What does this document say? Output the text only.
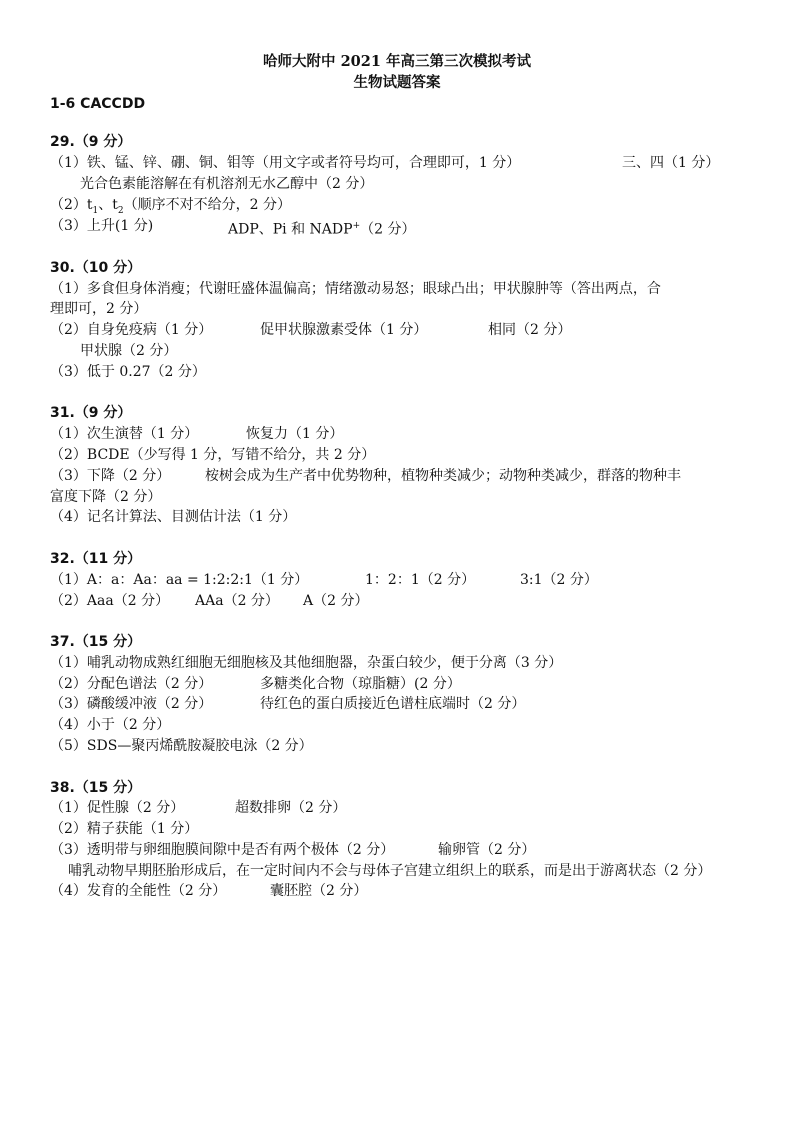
哈师大附中 2021 年高三第三次模拟考试
生物试题答案
1-6 CACCDD
29.（9 分）
（1）铁、锰、锌、硼、铜、钼等（用文字或者符号均可，合理即可，1 分）	三、四（1 分）
光合色素能溶解在有机溶剂无水乙醇中（2 分）
$(2)t_1$、$t_2$（顺序不对不给分，2 分）
（3）上升(1 分)	ADP、Pi 和 NADP+（2 分）
30.（10 分）
（1）多食但身体消瘦；代谢旺盛体温偏高；情绪激动易怒；眼球凸出；甲状腺肿等（答出两点，合
理即可，2 分）
（2）自身免疫病（1 分）	促甲状腺激素受体（1 分）	相同（2 分）
甲状腺（2 分）
（3）低于 0.27（2 分）
31.（9 分）
（1）次生演替（1 分）	恢复力（1 分）
（2）BCDE（少写得 1 分，写错不给分，共 2 分）
（3）下降（2 分） 桉树会成为生产者中优势物种，植物种类减少；动物种类减少，群落的物种丰
富度下降（2 分）
（4）记名计算法、目测估计法（1 分）
32.（11 分）
（1）A：a：Aa：aa = 1:2:2:1（1 分）	1：2：1（2 分）	3:1（2 分）
（2）Aaa（2 分） AAa（2 分） A（2 分）
37.（15 分）
（1）哺乳动物成熟红细胞无细胞核及其他细胞器，杂蛋白较少，便于分离（3 分）
（2）分配色谱法（2 分）	多糖类化合物（琼脂糖）(2 分）
（3）磷酸缓冲液（2 分）	待红色的蛋白质接近色谱柱底端时（2 分）
（4）小于（2 分）
（5）SDS—聚丙烯酰胺凝胶电泳（2 分）
38.（15 分）
（1）促性腺（2 分）	超数排卵（2 分）
（2）精子获能（1 分）
（3）透明带与卵细胞膜间隙中是否有两个极体（2 分）	输卵管（2 分）
哺乳动物早期胚胎形成后，在一定时间内不会与母体子宫建立组织上的联系，而是出于游离状态（2 分）
（4）发育的全能性（2 分）	囊胚腔（2 分）
